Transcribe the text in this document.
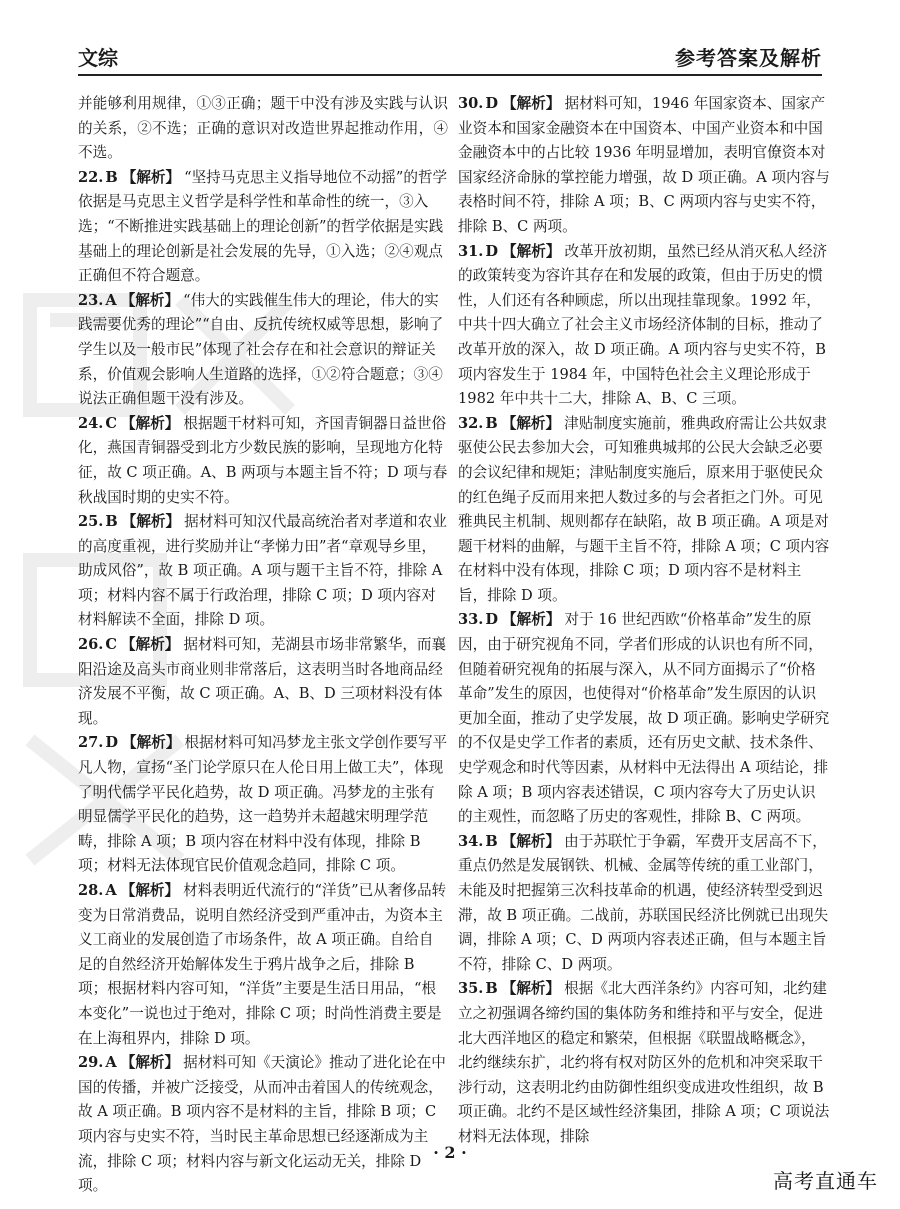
文综	参考答案及解析

并能够利用规律，①③正确；题干中没有涉及实践与认识的关系，②不选；正确的意识对改造世界起推动作用，④不选。

22. B 【解析】 “坚持马克思主义指导地位不动摇”的哲学依据是马克思主义哲学是科学性和革命性的统一，③入选；“不断推进实践基础上的理论创新”的哲学依据是实践基础上的理论创新是社会发展的先导，①入选；②④观点正确但不符合题意。

23. A 【解析】 “伟大的实践催生伟大的理论，伟大的实践需要优秀的理论”“自由、反抗传统权威等思想，影响了学生以及一般市民”体现了社会存在和社会意识的辩证关系，价值观会影响人生道路的选择，①②符合题意；③④说法正确但题干没有涉及。

24. C 【解析】 根据题干材料可知，齐国青铜器日益世俗化，燕国青铜器受到北方少数民族的影响，呈现地方化特征，故 C 项正确。A、B 两项与本题主旨不符；D 项与春秋战国时期的史实不符。

25. B 【解析】 据材料可知汉代最高统治者对孝道和农业的高度重视，进行奖励并让“孝悌力田”者“章观导乡里，助成风俗”，故 B 项正确。A 项与题干主旨不符，排除 A 项；材料内容不属于行政治理，排除 C 项；D 项内容对材料解读不全面，排除 D 项。

26. C 【解析】 据材料可知，芜湖县市场非常繁华，而襄阳沿途及高头市商业则非常落后，这表明当时各地商品经济发展不平衡，故 C 项正确。A、B、D 三项材料没有体现。

27. D 【解析】 根据材料可知冯梦龙主张文学创作要写平凡人物，宣扬“圣门论学原只在人伦日用上做工夫”，体现了明代儒学平民化趋势，故 D 项正确。冯梦龙的主张有明显儒学平民化的趋势，这一趋势并未超越宋明理学范畴，排除 A 项；B 项内容在材料中没有体现，排除 B 项；材料无法体现官民价值观念趋同，排除 C 项。

28. A 【解析】 材料表明近代流行的“洋货”已从奢侈品转变为日常消费品，说明自然经济受到严重冲击，为资本主义工商业的发展创造了市场条件，故 A 项正确。自给自足的自然经济开始解体发生于鸦片战争之后，排除 B 项；根据材料内容可知，“洋货”主要是生活日用品，“根本变化”一说也过于绝对，排除 C 项；时尚性消费主要是在上海租界内，排除 D 项。

29. A 【解析】 据材料可知《天演论》推动了进化论在中国的传播，并被广泛接受，从而冲击着国人的传统观念，故 A 项正确。B 项内容不是材料的主旨，排除 B 项；C 项内容与史实不符，当时民主革命思想已经逐渐成为主流，排除 C 项；材料内容与新文化运动无关，排除 D 项。

30. D 【解析】 据材料可知，1946 年国家资本、国家产业资本和国家金融资本在中国资本、中国产业资本和中国金融资本中的占比较 1936 年明显增加，表明官僚资本对国家经济命脉的掌控能力增强，故 D 项正确。A 项内容与表格时间不符，排除 A 项；B、C 两项内容与史实不符，排除 B、C 两项。

31. D 【解析】 改革开放初期，虽然已经从消灭私人经济的政策转变为容许其存在和发展的政策，但由于历史的惯性，人们还有各种顾虑，所以出现挂靠现象。1992 年，中共十四大确立了社会主义市场经济体制的目标，推动了改革开放的深入，故 D 项正确。A 项内容与史实不符，B 项内容发生于 1984 年，中国特色社会主义理论形成于 1982 年中共十二大，排除 A、B、C 三项。

32. B 【解析】 津贴制度实施前，雅典政府需让公共奴隶驱使公民去参加大会，可知雅典城邦的公民大会缺乏必要的会议纪律和规矩；津贴制度实施后，原来用于驱使民众的红色绳子反而用来把人数过多的与会者拒之门外。可见雅典民主机制、规则都存在缺陷，故 B 项正确。A 项是对题干材料的曲解，与题干主旨不符，排除 A 项；C 项内容在材料中没有体现，排除 C 项；D 项内容不是材料主旨，排除 D 项。

33. D 【解析】 对于 16 世纪西欧“价格革命”发生的原因，由于研究视角不同，学者们形成的认识也有所不同，但随着研究视角的拓展与深入，从不同方面揭示了“价格革命”发生的原因，也使得对“价格革命”发生原因的认识更加全面，推动了史学发展，故 D 项正确。影响史学研究的不仅是史学工作者的素质，还有历史文献、技术条件、史学观念和时代等因素，从材料中无法得出 A 项结论，排除 A 项；B 项内容表述错误，C 项内容夸大了历史认识的主观性，而忽略了历史的客观性，排除 B、C 两项。

34. B 【解析】 由于苏联忙于争霸，军费开支居高不下，重点仍然是发展钢铁、机械、金属等传统的重工业部门，未能及时把握第三次科技革命的机遇，使经济转型受到迟滞，故 B 项正确。二战前，苏联国民经济比例就已出现失调，排除 A 项；C、D 两项内容表述正确，但与本题主旨不符，排除 C、D 两项。

35. B 【解析】 根据《北大西洋条约》内容可知，北约建立之初强调各缔约国的集体防务和维持和平与安全，促进北大西洋地区的稳定和繁荣，但根据《联盟战略概念》，北约继续东扩，北约将有权对防区外的危机和冲突采取干涉行动，这表明北约由防御性组织变成进攻性组织，故 B 项正确。北约不是区域性经济集团，排除 A 项；C 项说法材料无法体现，排除

· 2 ·
高考直通车
